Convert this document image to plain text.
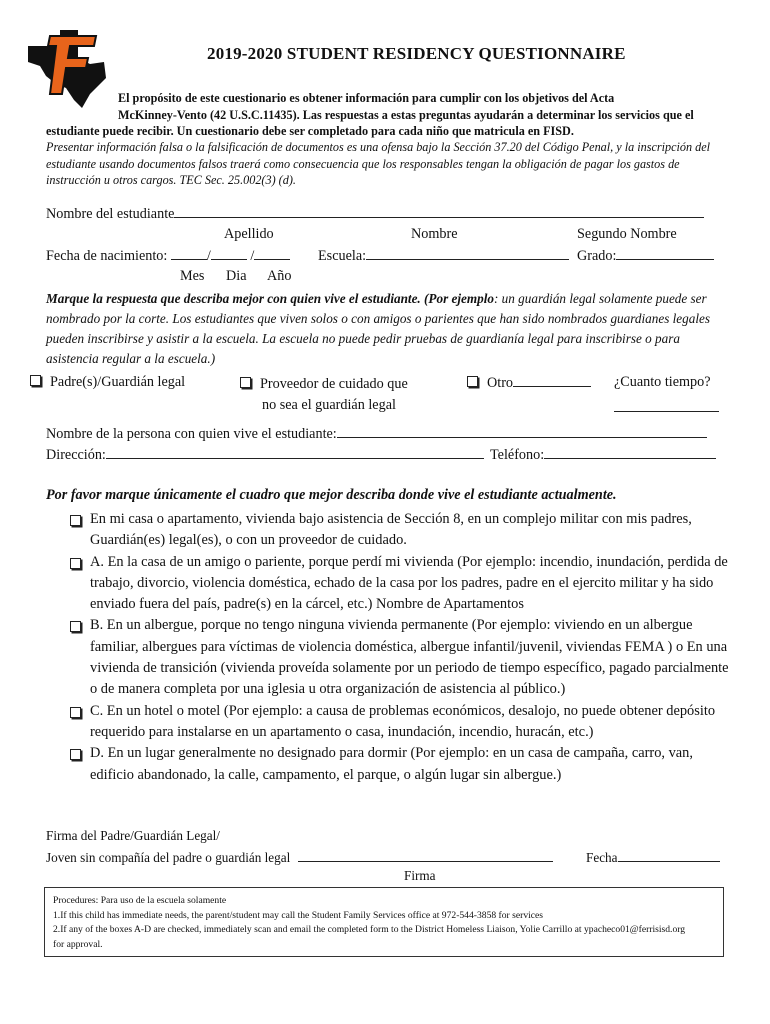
2019-2020 STUDENT RESIDENCY QUESTIONNAIRE
El propósito de este cuestionario es obtener información para cumplir con los objetivos del Acta
McKinney-Vento (42 U.S.C.11435). Las respuestas a estas preguntas ayudarán a determinar los servicios que el
estudiante puede recibir. Un cuestionario debe ser completado para cada niño que matricula en FISD.
Presentar información falsa o la falsificación de documentos es una ofensa bajo la Sección 37.20 del Código Penal, y la inscripción del estudiante usando documentos falsos traerá como consecuencia que los responsables tengan la obligación de pagar los gastos de instrucción u otros cargos. TEC Sec. 25.002(3) (d).
Nombre del estudiante
Apellido	Nombre	Segundo Nombre
Fecha de nacimiento:	/	/	Escuela:	Grado:
Mes Dia Año
Marque la respuesta que describa mejor con quien vive el estudiante. (Por ejemplo: un guardián legal solamente puede ser nombrado por la corte. Los estudiantes que viven solos o con amigos o parientes que han sido nombrados guardianes legales pueden inscribirse y asistir a la escuela. La escuela no puede pedir pruebas de guardianía legal para inscribirse o para asistencia regular a la escuela.)
Padre(s)/Guardián legal	Proveedor de cuidado que
no sea el guardián legal
Otro	¿Cuanto tiempo?
Nombre de la persona con quien vive el estudiante:
Dirección:	Teléfono:
Por favor marque únicamente el cuadro que mejor describa donde vive el estudiante actualmente.
En mi casa o apartamento, vivienda bajo asistencia de Sección 8, en un complejo militar con mis padres, Guardián(es) legal(es), o con un proveedor de cuidado.
A. En la casa de un amigo o pariente, porque perdí mi vivienda (Por ejemplo: incendio, inundación, perdida de trabajo, divorcio, violencia doméstica, echado de la casa por los padres, padre en el ejercito militar y ha sido enviado fuera del país, padre(s) en la cárcel, etc.) Nombre de Apartamentos
B. En un albergue, porque no tengo ninguna vivienda permanente (Por ejemplo: viviendo en un albergue familiar, albergues para víctimas de violencia doméstica, albergue infantil/juvenil, viviendas FEMA ) o En una vivienda de transición (vivienda proveída solamente por un periodo de tiempo específico, pagado parcialmente o de manera completa por una iglesia u otra organización de asistencia al público.)
C. En un hotel o motel (Por ejemplo: a causa de problemas económicos, desalojo, no puede obtener depósito requerido para instalarse en un apartamento o casa, inundación, incendio, huracán, etc.)
D. En un lugar generalmente no designado para dormir (Por ejemplo: en un casa de campaña, carro, van, edificio abandonado, la calle, campamento, el parque, o algún lugar sin albergue.)
Firma del Padre/Guardián Legal/
Joven sin compañía del padre o guardián legal	Fecha
Firma
Procedures: Para uso de la escuela solamente
1.If this child has immediate needs, the parent/student may call the Student Family Services office at 972-544-3858 for services
2.If any of the boxes A-D are checked, immediately scan and email the completed form to the District Homeless Liaison, Yolie Carrillo at ypacheco01@ferrisisd.org
for approval.
